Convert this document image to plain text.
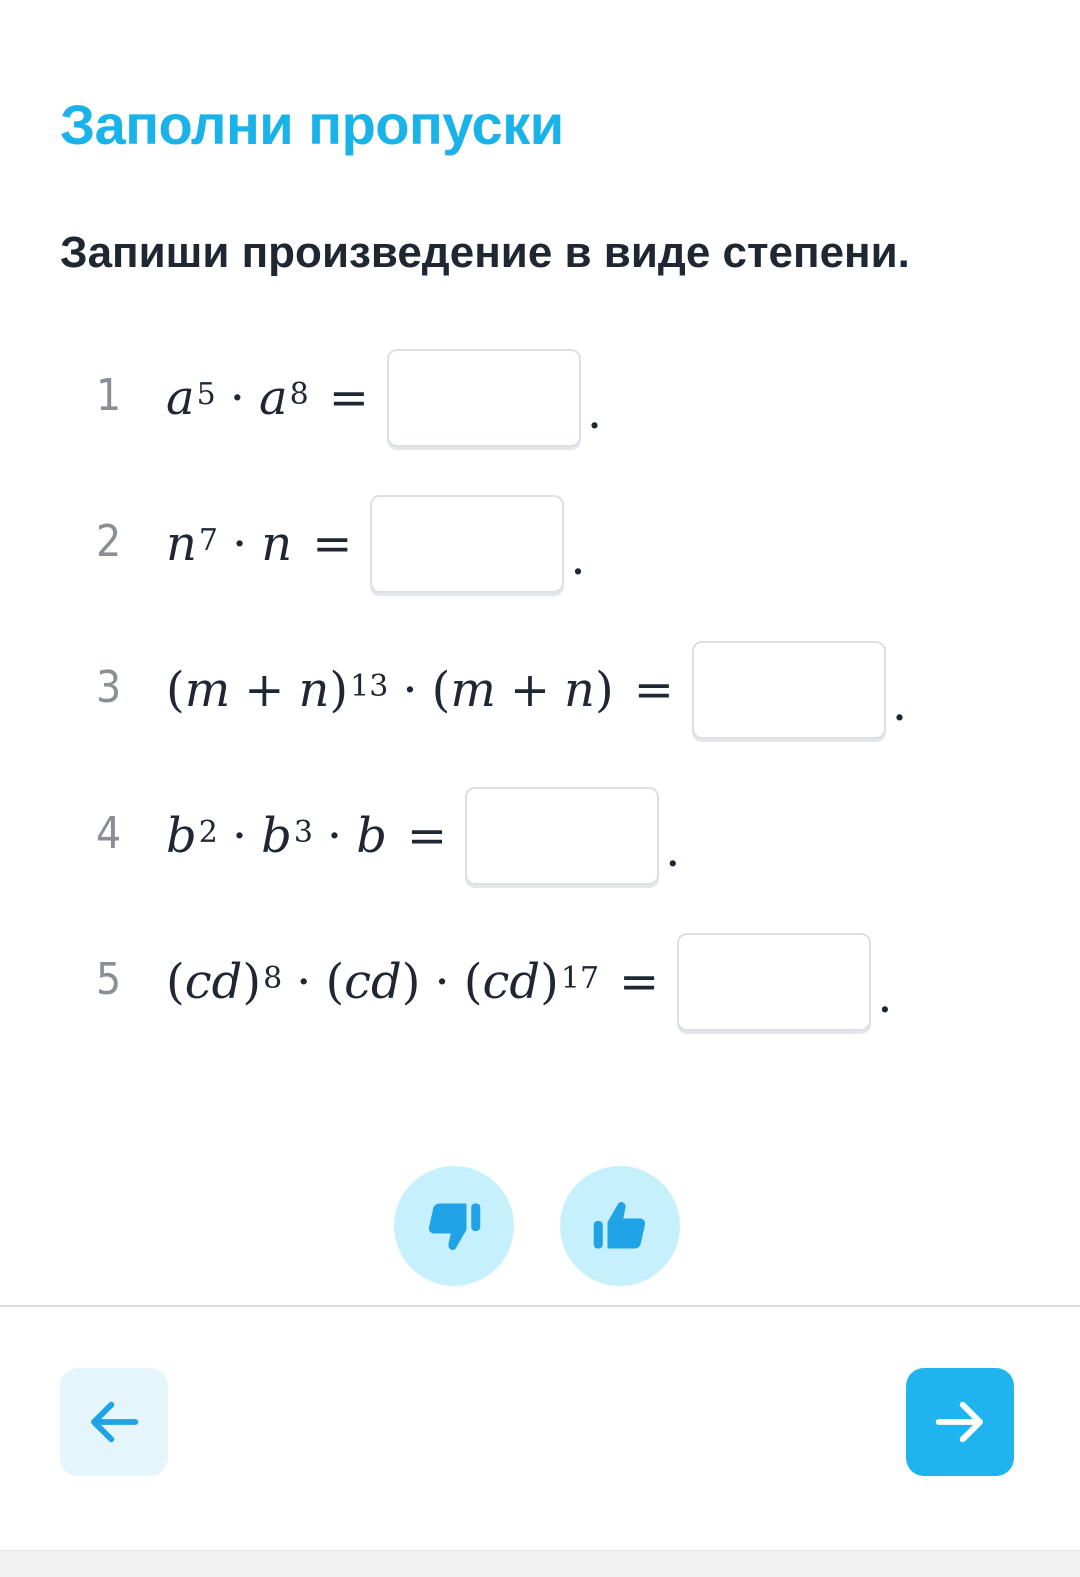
Заполни пропуски
Запиши произведение в виде степени.
1 $a^5 \cdot a^8$ =	.
2 $n^7 \cdot n$ =	.
3 ( m + n )$^{13}$ · ( m + n ) =	.
4 $b^2 \cdot b^3 \cdot b$ =	.
5 ( cd )$^8$ · ( cd ) · ( cd )$^{17}$ =	.
